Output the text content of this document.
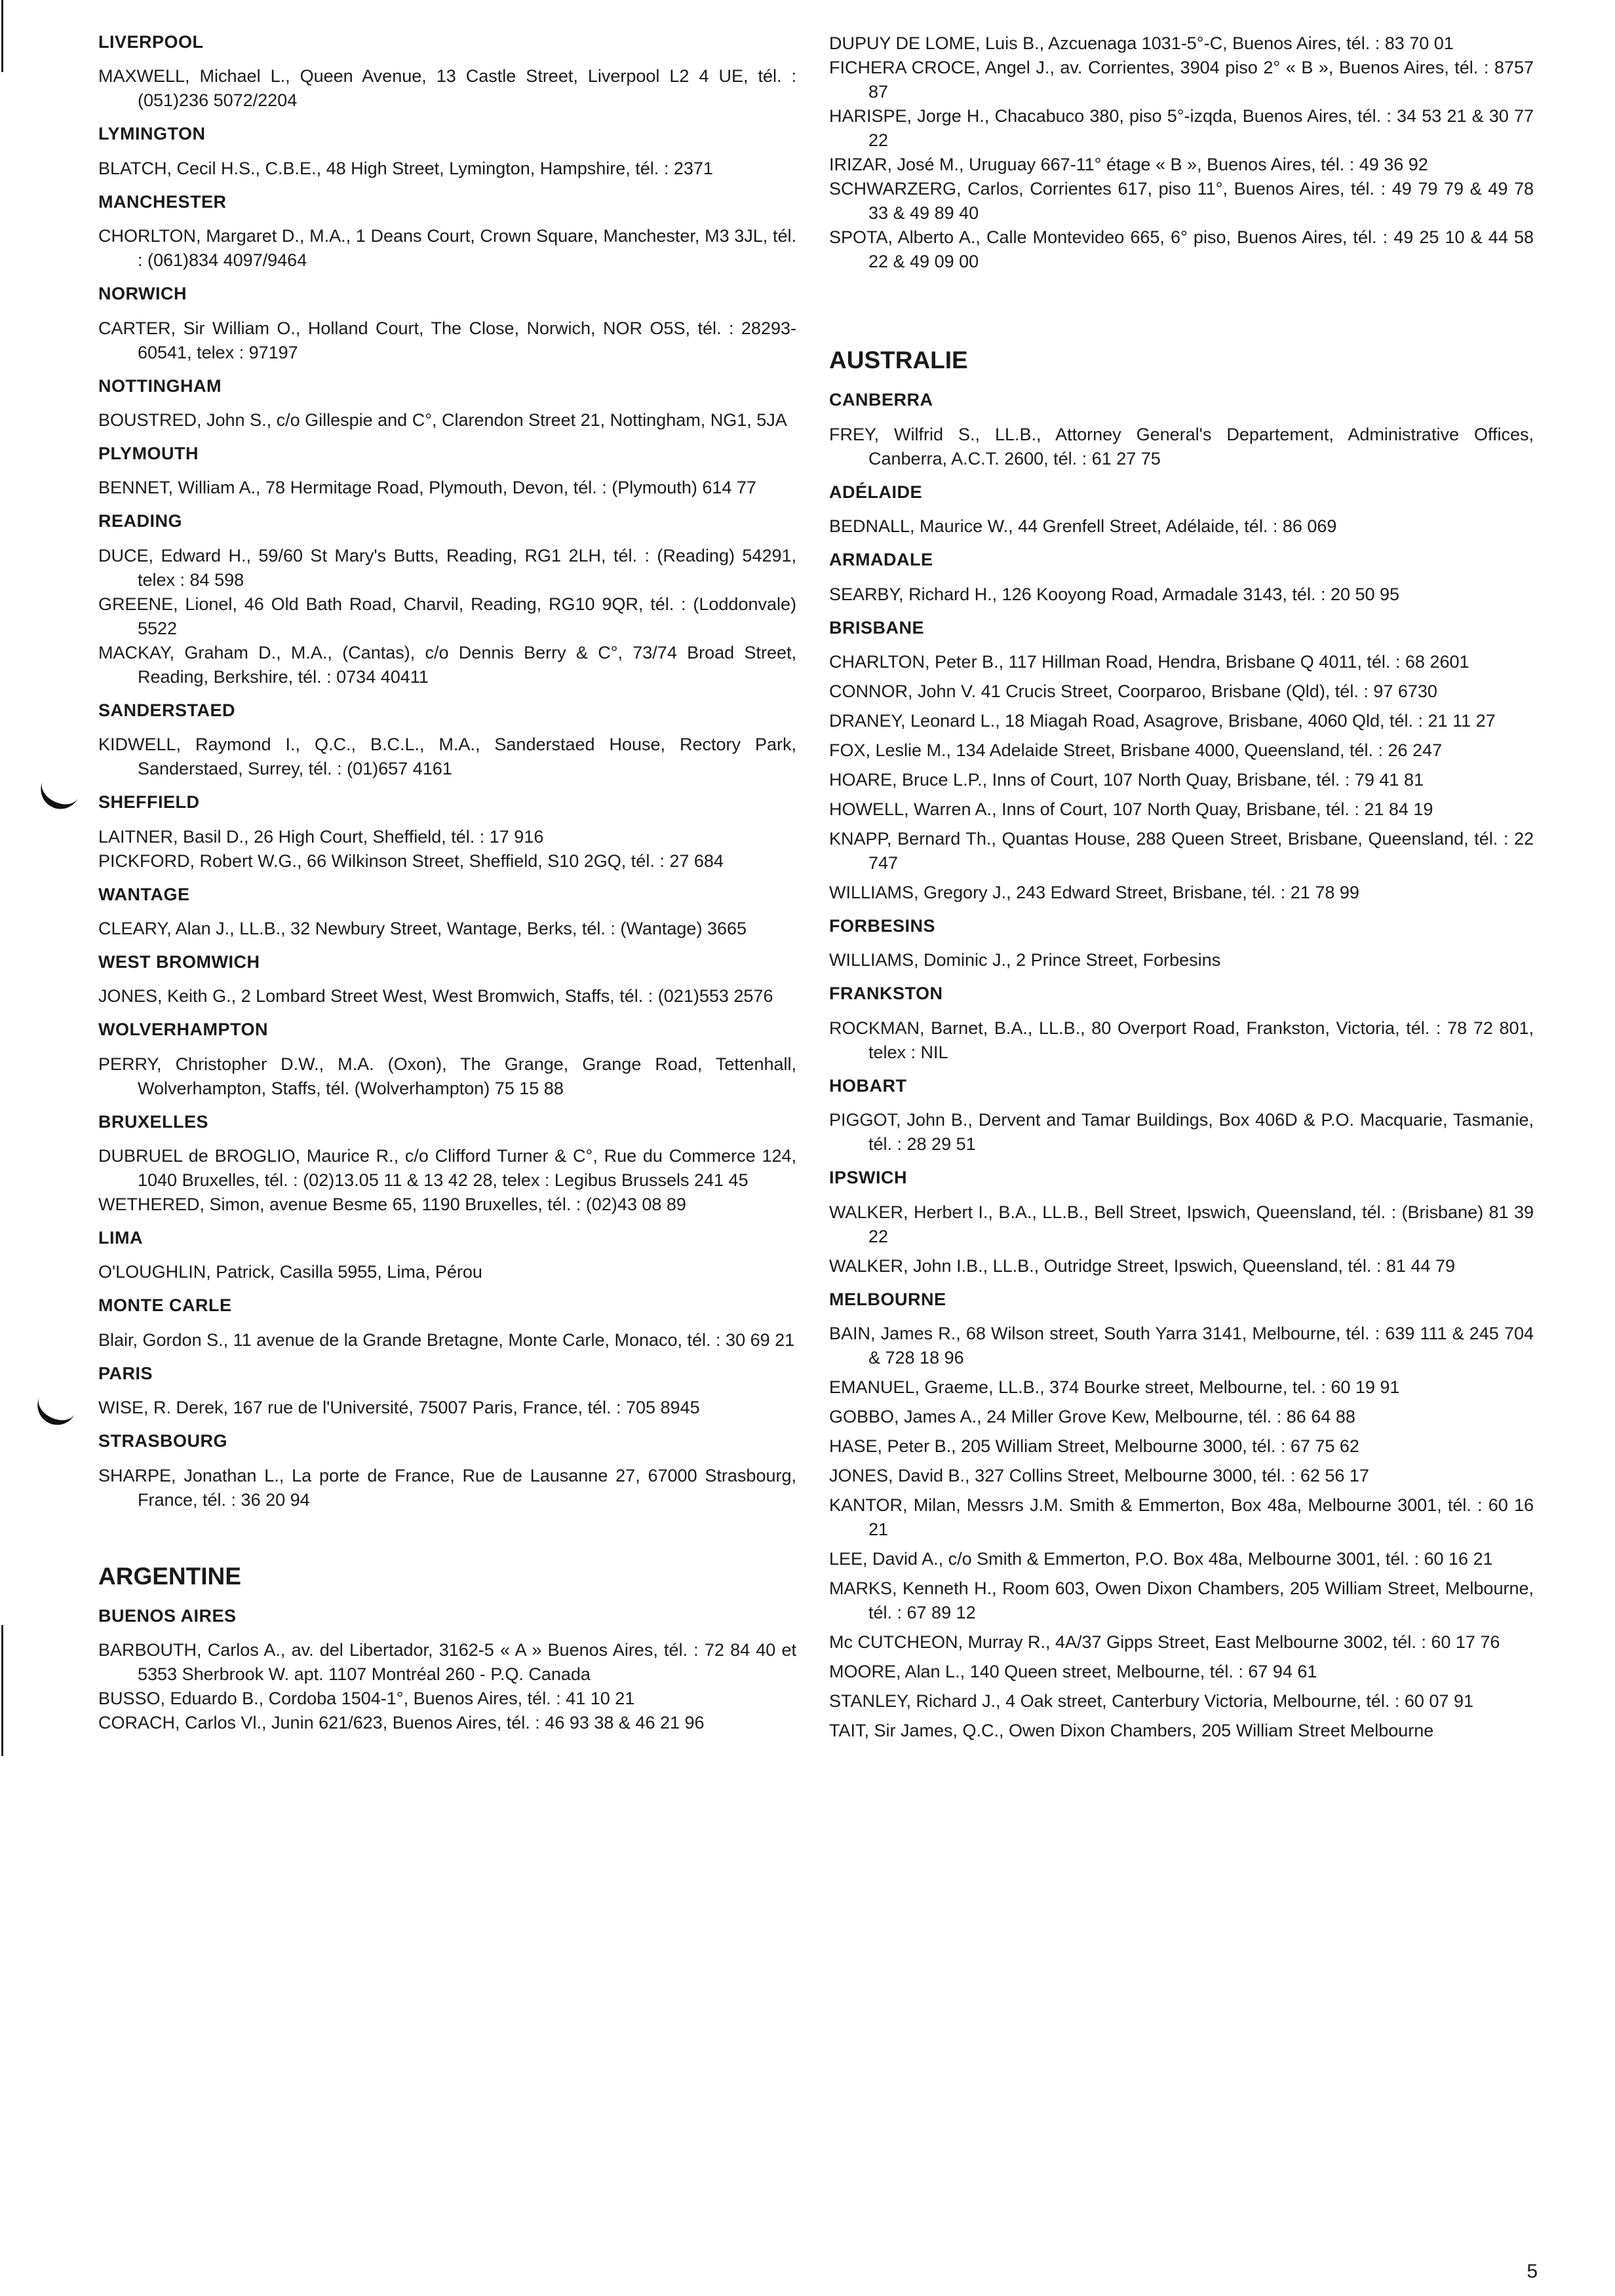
LIVERPOOL

MAXWELL, Michael L., Queen Avenue, 13 Castle Street, Liverpool L2 4 UE, tél. : (051)236 5072/2204

LYMINGTON

BLATCH, Cecil H.S., C.B.E., 48 High Street, Lymington, Hampshire, tél. : 2371

MANCHESTER

CHORLTON, Margaret D., M.A., 1 Deans Court, Crown Square, Manchester, M3 3JL, tél. : (061)834 4097/9464

NORWICH

CARTER, Sir William O., Holland Court, The Close, Norwich, NOR O5S, tél. : 28293-60541, telex : 97197

NOTTINGHAM

BOUSTRED, John S., c/o Gillespie and C°, Clarendon Street 21, Nottingham, NG1, 5JA

PLYMOUTH

BENNET, William A., 78 Hermitage Road, Plymouth, Devon, tél. : (Plymouth) 614 77

READING

DUCE, Edward H., 59/60 St Mary's Butts, Reading, RG1 2LH, tél. : (Reading) 54291, telex : 84 598

GREENE, Lionel, 46 Old Bath Road, Charvil, Reading, RG10 9QR, tél. : (Loddonvale) 5522

MACKAY, Graham D., M.A., (Cantas), c/o Dennis Berry & C°, 73/74 Broad Street, Reading, Berkshire, tél. : 0734 40411

SANDERSTAED

KIDWELL, Raymond I., Q.C., B.C.L., M.A., Sanderstaed House, Rectory Park, Sanderstaed, Surrey, tél. : (01)657 4161

SHEFFIELD

LAITNER, Basil D., 26 High Court, Sheffield, tél. : 17 916

PICKFORD, Robert W.G., 66 Wilkinson Street, Sheffield, S10 2GQ, tél. : 27 684

WANTAGE

CLEARY, Alan J., LL.B., 32 Newbury Street, Wantage, Berks, tél. : (Wantage) 3665

WEST BROMWICH

JONES, Keith G., 2 Lombard Street West, West Bromwich, Staffs, tél. : (021)553 2576

WOLVERHAMPTON

PERRY, Christopher D.W., M.A. (Oxon), The Grange, Grange Road, Tettenhall, Wolverhampton, Staffs, tél. (Wolverhampton) 75 15 88

BRUXELLES

DUBRUEL de BROGLIO, Maurice R., c/o Clifford Turner & C°, Rue du Commerce 124, 1040 Bruxelles, tél. : (02)13.05 11 & 13 42 28, telex : Legibus Brussels 241 45

WETHERED, Simon, avenue Besme 65, 1190 Bruxelles, tél. : (02)43 08 89

LIMA

O'LOUGHLIN, Patrick, Casilla 5955, Lima, Pérou

MONTE CARLE

Blair, Gordon S., 11 avenue de la Grande Bretagne, Monte Carle, Monaco, tél. : 30 69 21

PARIS

WISE, R. Derek, 167 rue de l'Université, 75007 Paris, France, tél. : 705 8945

STRASBOURG

SHARPE, Jonathan L., La porte de France, Rue de Lausanne 27, 67000 Strasbourg, France, tél. : 36 20 94

ARGENTINE
BUENOS AIRES

BARBOUTH, Carlos A., av. del Libertador, 3162-5 « A » Buenos Aires, tél. : 72 84 40 et 5353 Sherbrook W. apt. 1107 Montréal 260 - P.Q. Canada

BUSSO, Eduardo B., Cordoba 1504-1°, Buenos Aires, tél. : 41 10 21

CORACH, Carlos Vl., Junin 621/623, Buenos Aires, tél. : 46 93 38 & 46 21 96

DUPUY DE LOME, Luis B., Azcuenaga 1031-5°-C, Buenos Aires, tél. : 83 70 01

FICHERA CROCE, Angel J., av. Corrientes, 3904 piso 2° « B », Buenos Aires, tél. : 8757 87

HARISPE, Jorge H., Chacabuco 380, piso 5°-izqda, Buenos Aires, tél. : 34 53 21 & 30 77 22

IRIZAR, José M., Uruguay 667-11° étage « B », Buenos Aires, tél. : 49 36 92

SCHWARZERG, Carlos, Corrientes 617, piso 11°, Buenos Aires, tél. : 49 79 79 & 49 78 33 & 49 89 40

SPOTA, Alberto A., Calle Montevideo 665, 6° piso, Buenos Aires, tél. : 49 25 10 & 44 58 22 & 49 09 00

AUSTRALIE
CANBERRA

FREY, Wilfrid S., LL.B., Attorney General's Departement, Administrative Offices, Canberra, A.C.T. 2600, tél. : 61 27 75

ADÉLAIDE

BEDNALL, Maurice W., 44 Grenfell Street, Adélaide, tél. : 86 069

ARMADALE

SEARBY, Richard H., 126 Kooyong Road, Armadale 3143, tél. : 20 50 95

BRISBANE

CHARLTON, Peter B., 117 Hillman Road, Hendra, Brisbane Q 4011, tél. : 68 2601

CONNOR, John V. 41 Crucis Street, Coorparoo, Brisbane (Qld), tél. : 97 6730

DRANEY, Leonard L., 18 Miagah Road, Asagrove, Brisbane, 4060 Qld, tél. : 21 11 27

FOX, Leslie M., 134 Adelaide Street, Brisbane 4000, Queensland, tél. : 26 247

HOARE, Bruce L.P., Inns of Court, 107 North Quay, Brisbane, tél. : 79 41 81

HOWELL, Warren A., Inns of Court, 107 North Quay, Brisbane, tél. : 21 84 19

KNAPP, Bernard Th., Quantas House, 288 Queen Street, Brisbane, Queensland, tél. : 22 747

WILLIAMS, Gregory J., 243 Edward Street, Brisbane, tél. : 21 78 99

FORBESINS

WILLIAMS, Dominic J., 2 Prince Street, Forbesins

FRANKSTON

ROCKMAN, Barnet, B.A., LL.B., 80 Overport Road, Frankston, Victoria, tél. : 78 72 801, telex : NIL

HOBART

PIGGOT, John B., Dervent and Tamar Buildings, Box 406D & P.O. Macquarie, Tasmanie, tél. : 28 29 51

IPSWICH

WALKER, Herbert I., B.A., LL.B., Bell Street, Ipswich, Queensland, tél. : (Brisbane) 81 39 22

WALKER, John I.B., LL.B., Outridge Street, Ipswich, Queensland, tél. : 81 44 79

MELBOURNE

BAIN, James R., 68 Wilson street, South Yarra 3141, Melbourne, tél. : 639 111 & 245 704 & 728 18 96

EMANUEL, Graeme, LL.B., 374 Bourke street, Melbourne, tel. : 60 19 91

GOBBO, James A., 24 Miller Grove Kew, Melbourne, tél. : 86 64 88

HASE, Peter B., 205 William Street, Melbourne 3000, tél. : 67 75 62

JONES, David B., 327 Collins Street, Melbourne 3000, tél. : 62 56 17

KANTOR, Milan, Messrs J.M. Smith & Emmerton, Box 48a, Melbourne 3001, tél. : 60 16 21

LEE, David A., c/o Smith & Emmerton, P.O. Box 48a, Melbourne 3001, tél. : 60 16 21

MARKS, Kenneth H., Room 603, Owen Dixon Chambers, 205 William Street, Melbourne, tél. : 67 89 12

Mc CUTCHEON, Murray R., 4A/37 Gipps Street, East Melbourne 3002, tél. : 60 17 76

MOORE, Alan L., 140 Queen street, Melbourne, tél. : 67 94 61

STANLEY, Richard J., 4 Oak street, Canterbury Victoria, Melbourne, tél. : 60 07 91

TAIT, Sir James, Q.C., Owen Dixon Chambers, 205 William Street Melbourne

5
